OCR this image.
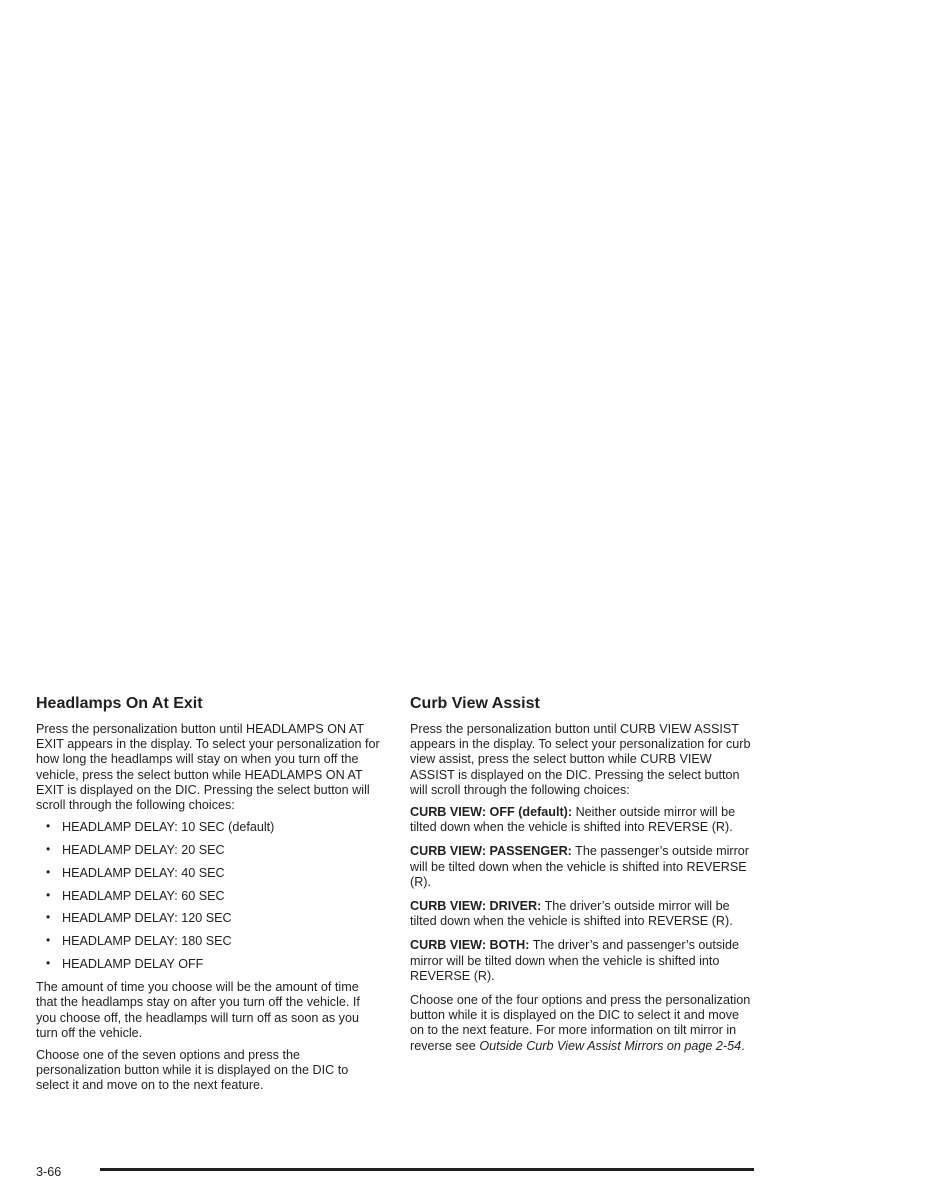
Headlamps On At Exit

Press the personalization button until HEADLAMPS ON AT EXIT appears in the display. To select your personalization for how long the headlamps will stay on when you turn off the vehicle, press the select button while HEADLAMPS ON AT EXIT is displayed on the DIC. Pressing the select button will scroll through the following choices:

• HEADLAMP DELAY: 10 SEC (default)
• HEADLAMP DELAY: 20 SEC
• HEADLAMP DELAY: 40 SEC
• HEADLAMP DELAY: 60 SEC
• HEADLAMP DELAY: 120 SEC
• HEADLAMP DELAY: 180 SEC
• HEADLAMP DELAY OFF

The amount of time you choose will be the amount of time that the headlamps stay on after you turn off the vehicle. If you choose off, the headlamps will turn off as soon as you turn off the vehicle.

Choose one of the seven options and press the personalization button while it is displayed on the DIC to select it and move on to the next feature.

Curb View Assist

Press the personalization button until CURB VIEW ASSIST appears in the display. To select your personalization for curb view assist, press the select button while CURB VIEW ASSIST is displayed on the DIC. Pressing the select button will scroll through the following choices:

CURB VIEW: OFF (default): Neither outside mirror will be tilted down when the vehicle is shifted into REVERSE (R).

CURB VIEW: PASSENGER: The passenger’s outside mirror will be tilted down when the vehicle is shifted into REVERSE (R).

CURB VIEW: DRIVER: The driver’s outside mirror will be tilted down when the vehicle is shifted into REVERSE (R).

CURB VIEW: BOTH: The driver’s and passenger’s outside mirror will be tilted down when the vehicle is shifted into REVERSE (R).

Choose one of the four options and press the personalization button while it is displayed on the DIC to select it and move on to the next feature. For more information on tilt mirror in reverse see Outside Curb View Assist Mirrors on page 2-54.

3-66
